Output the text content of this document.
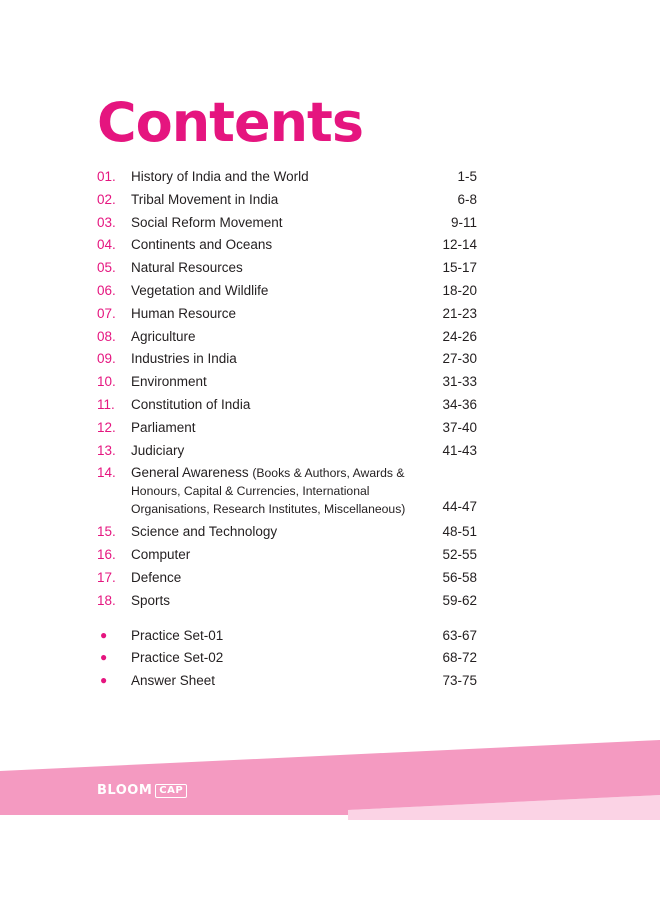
Contents
01.	History of India and the World	1-5
02.	Tribal Movement in India	6-8
03.	Social Reform Movement	9-11
04.	Continents and Oceans	12-14
05.	Natural Resources	15-17
06.	Vegetation and Wildlife	18-20
07.	Human Resource	21-23
08.	Agriculture	24-26
09.	Industries in India	27-30
10.	Environment	31-33
11.	Constitution of India	34-36
12.	Parliament	37-40
13.	Judiciary	41-43
14.	General Awareness (Books & Authors, Awards & Honours, Capital & Currencies, International Organisations, Research Institutes, Miscellaneous)	44-47
15.	Science and Technology	48-51
16.	Computer	52-55
17.	Defence	56-58
18.	Sports	59-62
●	Practice Set-01	63-67
●	Practice Set-02	68-72
●	Answer Sheet	73-75
BLOOM CAP
